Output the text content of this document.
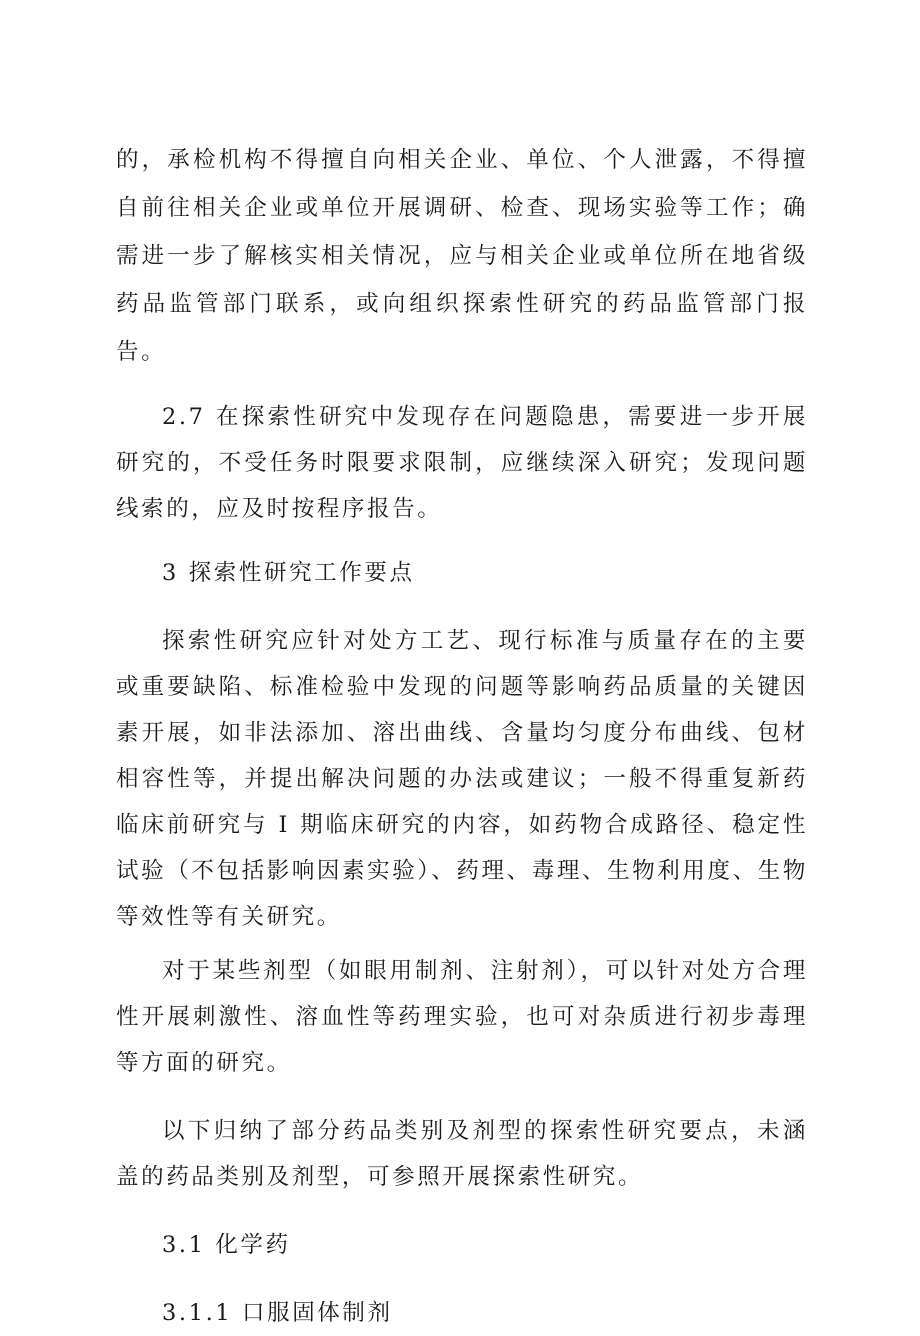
的，承检机构不得擅自向相关企业、单位、个人泄露，不得擅自前往相关企业或单位开展调研、检查、现场实验等工作；确需进一步了解核实相关情况，应与相关企业或单位所在地省级药品监管部门联系，或向组织探索性研究的药品监管部门报告。

2.7 在探索性研究中发现存在问题隐患，需要进一步开展研究的，不受任务时限要求限制，应继续深入研究；发现问题线索的，应及时按程序报告。

3 探索性研究工作要点

探索性研究应针对处方工艺、现行标准与质量存在的主要或重要缺陷、标准检验中发现的问题等影响药品质量的关键因素开展，如非法添加、溶出曲线、含量均匀度分布曲线、包材相容性等，并提出解决问题的办法或建议；一般不得重复新药临床前研究与 I 期临床研究的内容，如药物合成路径、稳定性试验（不包括影响因素实验）、药理、毒理、生物利用度、生物等效性等有关研究。

对于某些剂型（如眼用制剂、注射剂），可以针对处方合理性开展刺激性、溶血性等药理实验，也可对杂质进行初步毒理等方面的研究。

以下归纳了部分药品类别及剂型的探索性研究要点，未涵盖的药品类别及剂型，可参照开展探索性研究。

3.1 化学药

3.1.1 口服固体制剂
